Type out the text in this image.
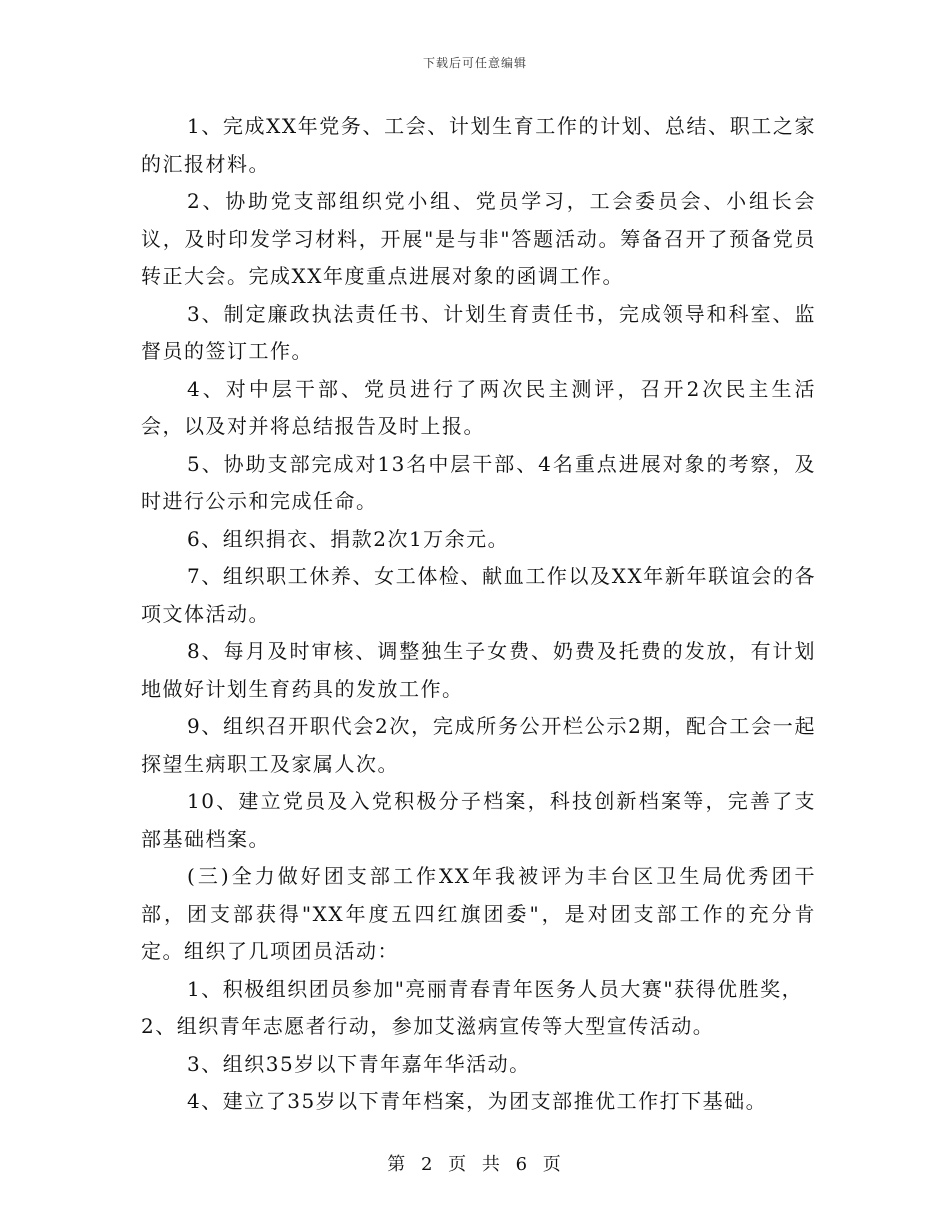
下载后可任意编辑

1、完成XX年党务、工会、计划生育工作的计划、总结、职工之家的汇报材料。

2、协助党支部组织党小组、党员学习，工会委员会、小组长会议，及时印发学习材料，开展"是与非"答题活动。筹备召开了预备党员转正大会。完成XX年度重点进展对象的函调工作。

3、制定廉政执法责任书、计划生育责任书，完成领导和科室、监督员的签订工作。

4、对中层干部、党员进行了两次民主测评，召开2次民主生活会，以及对并将总结报告及时上报。

5、协助支部完成对13名中层干部、4名重点进展对象的考察，及时进行公示和完成任命。

6、组织捐衣、捐款2次1万余元。

7、组织职工休养、女工体检、献血工作以及XX年新年联谊会的各项文体活动。

8、每月及时审核、调整独生子女费、奶费及托费的发放，有计划地做好计划生育药具的发放工作。

9、组织召开职代会2次，完成所务公开栏公示2期，配合工会一起探望生病职工及家属人次。

10、建立党员及入党积极分子档案，科技创新档案等，完善了支部基础档案。

(三)全力做好团支部工作XX年我被评为丰台区卫生局优秀团干部，团支部获得"XX年度五四红旗团委"，是对团支部工作的充分肯定。组织了几项团员活动：

1、积极组织团员参加"亮丽青春青年医务人员大赛"获得优胜奖，

2、组织青年志愿者行动，参加艾滋病宣传等大型宣传活动。

3、组织35岁以下青年嘉年华活动。

4、建立了35岁以下青年档案，为团支部推优工作打下基础。

第 2 页 共 6 页
